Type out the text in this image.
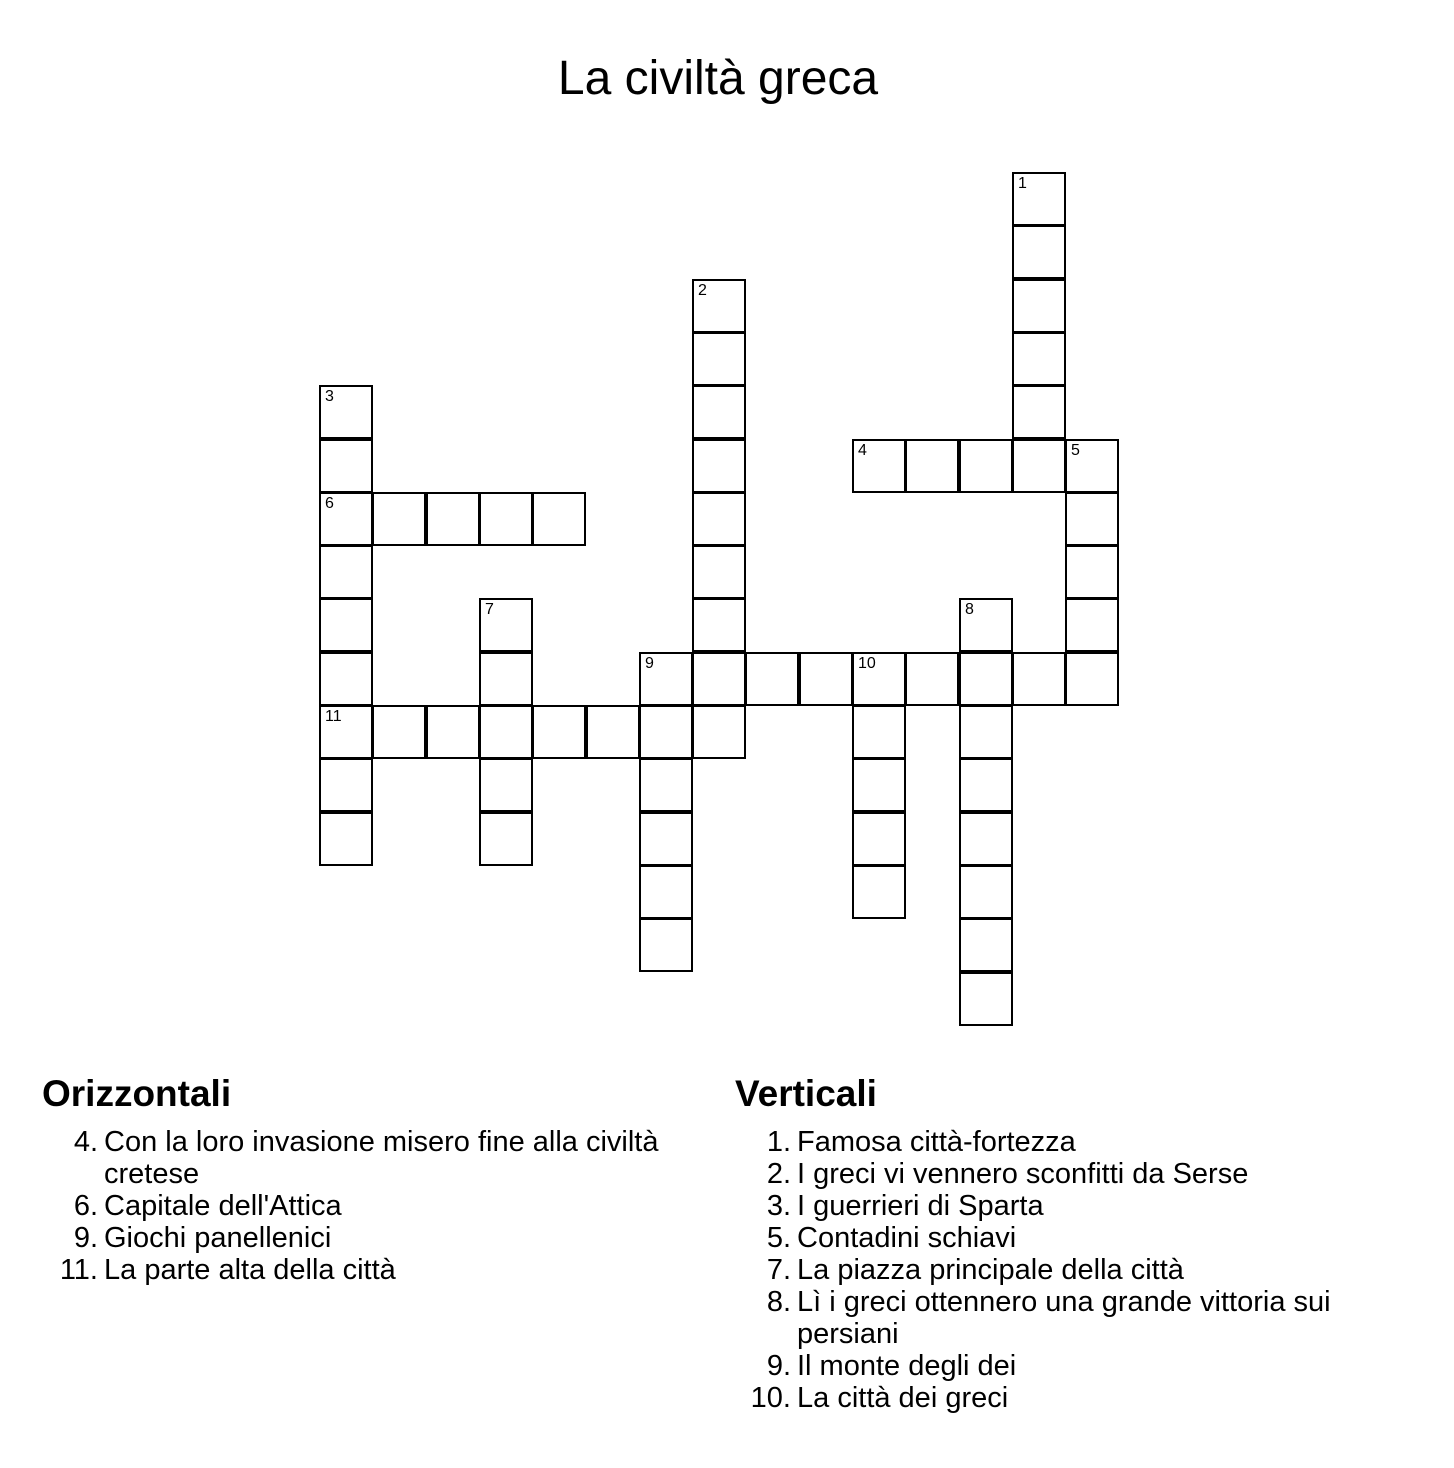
La civiltà greca
1
2
3
6
11
4	5
7	8
9	10
Orizzontali
4. Con la loro invasione misero fine alla civiltà cretese
6. Capitale dell'Attica
9. Giochi panellenici
11. La parte alta della città
Verticali
1. Famosa città-fortezza
2. I greci vi vennero sconfitti da Serse
3. I guerrieri di Sparta
5. Contadini schiavi
7. La piazza principale della città
8. Lì i greci ottennero una grande vittoria sui persiani
9. Il monte degli dei
10. La città dei greci
